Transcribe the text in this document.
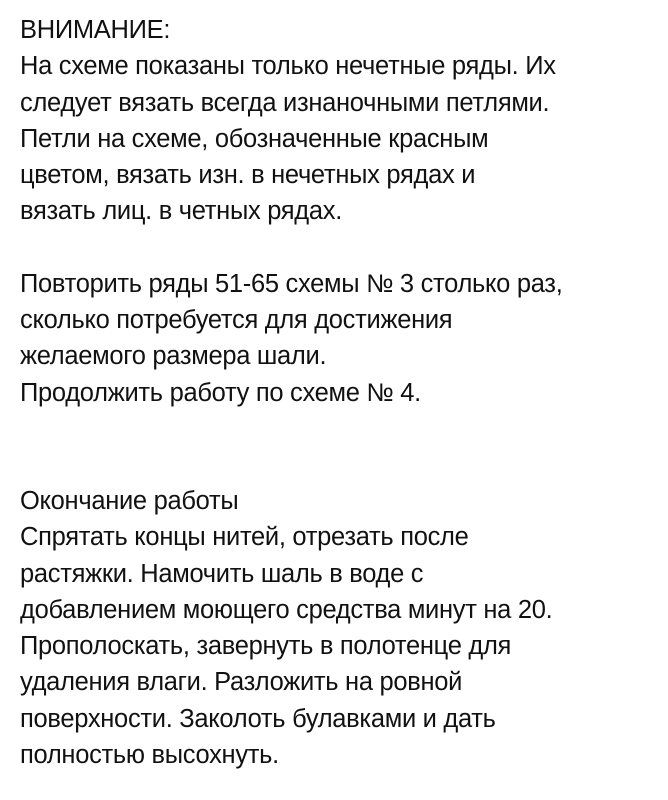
ВНИМАНИЕ:
На схеме показаны только нечетные ряды. Их
следует вязать всегда изнаночными петлями.
Петли на схеме, обозначенные красным
цветом, вязать изн. в нечетных рядах и
вязать лиц. в четных рядах.
Повторить ряды 51-65 схемы № 3 столько раз,
сколько потребуется для достижения
желаемого размера шали.
Продолжить работу по схеме № 4.
Окончание работы
Спрятать концы нитей, отрезать после
растяжки. Намочить шаль в воде с
добавлением моющего средства минут на 20.
Прополоскать, завернуть в полотенце для
удаления влаги. Разложить на ровной
поверхности. Заколоть булавками и дать
полностью высохнуть.
